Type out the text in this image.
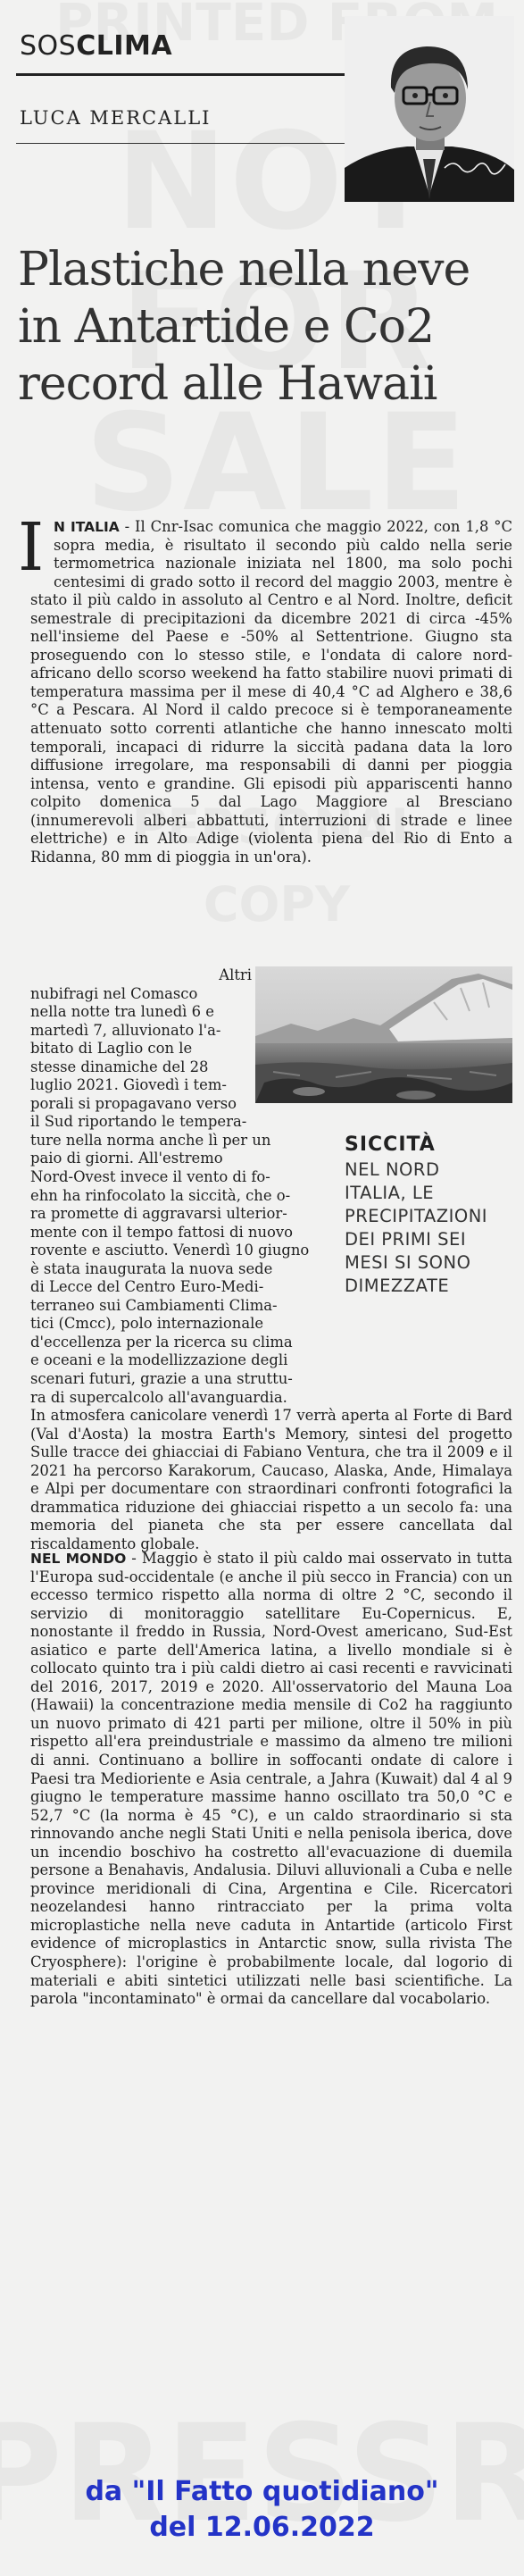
SOSCLIMA
LUCA MERCALLI
Plastiche nella neve
in Antartide e Co2
record alle Hawaii
I N ITALIA - Il Cnr-Isac comunica che maggio 2022, con 1,8 °C sopra media, è risultato il secondo più caldo nella serie termometrica nazionale iniziata nel 1800, ma solo pochi centesimi di grado sotto il record del maggio 2003, mentre è stato il più caldo in assoluto al Centro e al Nord. Inoltre, deficit semestrale di precipitazioni da dicembre 2021 di circa -45% nell'insieme del Paese e -50% al Settentrione. Giugno sta proseguendo con lo stesso stile, e l'ondata di calore nord-africano dello scorso weekend ha fatto stabilire nuovi primati di temperatura massima per il mese di 40,4 °C ad Alghero e 38,6 °C a Pescara. Al Nord il caldo precoce si è temporaneamente attenuato sotto correnti atlantiche che hanno innescato molti temporali, incapaci di ridurre la siccità padana data la loro diffusione irregolare, ma responsabili di danni per pioggia intensa, vento e grandine. Gli episodi più appariscenti hanno colpito domenica 5 dal Lago Maggiore al Bresciano (innumerevoli alberi abbattuti, interruzioni di strade e linee elettriche) e in Alto Adige (violenta piena del Rio di Ento a Ridanna, 80 mm di pioggia in un'ora).
Altri
nubifragi nel Comasco
nella notte tra lunedì 6 e
martedì 7, alluvionato l'a-
bitato di Laglio con le
stesse dinamiche del 28
luglio 2021. Giovedì i tem-
porali si propagavano verso
il Sud riportando le tempera-
ture nella norma anche lì per un
paio di giorni. All'estremo
Nord-Ovest invece il vento di fo-
ehn ha rinfocolato la siccità, che o-
ra promette di aggravarsi ulterior-
mente con il tempo fattosi di nuovo
rovente e asciutto. Venerdì 10 giugno
è stata inaugurata la nuova sede
di Lecce del Centro Euro-Medi-
terraneo sui Cambiamenti Clima-
tici (Cmcc), polo internazionale
d'eccellenza per la ricerca su clima
e oceani e la modellizzazione degli
scenari futuri, grazie a una struttu-
ra di supercalcolo all'avanguardia.
SICCITÀ
NEL NORD
ITALIA, LE
PRECIPITAZIONI
DEI PRIMI SEI
MESI SI SONO
DIMEZZATE
In atmosfera canicolare venerdì 17 verrà aperta al Forte di Bard (Val d'Aosta) la mostra Earth's Memory, sintesi del progetto Sulle tracce dei ghiacciai di Fabiano Ventura, che tra il 2009 e il 2021 ha percorso Karakorum, Caucaso, Alaska, Ande, Himalaya e Alpi per documentare con straordinari confronti fotografici la drammatica riduzione dei ghiacciai rispetto a un secolo fa: una memoria del pianeta che sta per essere cancellata dal riscaldamento globale.
NEL MONDO - Maggio è stato il più caldo mai osservato in tutta l'Europa sud-occidentale (e anche il più secco in Francia) con un eccesso termico rispetto alla norma di oltre 2 °C, secondo il servizio di monitoraggio satellitare Eu-Copernicus. E, nonostante il freddo in Russia, Nord-Ovest americano, Sud-Est asiatico e parte dell'America latina, a livello mondiale si è collocato quinto tra i più caldi dietro ai casi recenti e ravvicinati del 2016, 2017, 2019 e 2020. All'osservatorio del Mauna Loa (Hawaii) la concentrazione media mensile di Co2 ha raggiunto un nuovo primato di 421 parti per milione, oltre il 50% in più rispetto all'era preindustriale e massimo da almeno tre milioni di anni. Continuano a bollire in soffocanti ondate di calore i Paesi tra Medioriente e Asia centrale, a Jahra (Kuwait) dal 4 al 9 giugno le temperature massime hanno oscillato tra 50,0 °C e 52,7 °C (la norma è 45 °C), e un caldo straordinario si sta rinnovando anche negli Stati Uniti e nella penisola iberica, dove un incendio boschivo ha costretto all'evacuazione di duemila persone a Benahavis, Andalusia. Diluvi alluvionali a Cuba e nelle province meridionali di Cina, Argentina e Cile. Ricercatori neozelandesi hanno rintracciato per la prima volta microplastiche nella neve caduta in Antartide (articolo First evidence of microplastics in Antarctic snow, sulla rivista The Cryosphere): l'origine è probabilmente locale, dal logorio di materiali e abiti sintetici utilizzati nelle basi scientifiche. La parola "incontaminato" è ormai da cancellare dal vocabolario.
da "Il Fatto quotidiano"
del 12.06.2022
